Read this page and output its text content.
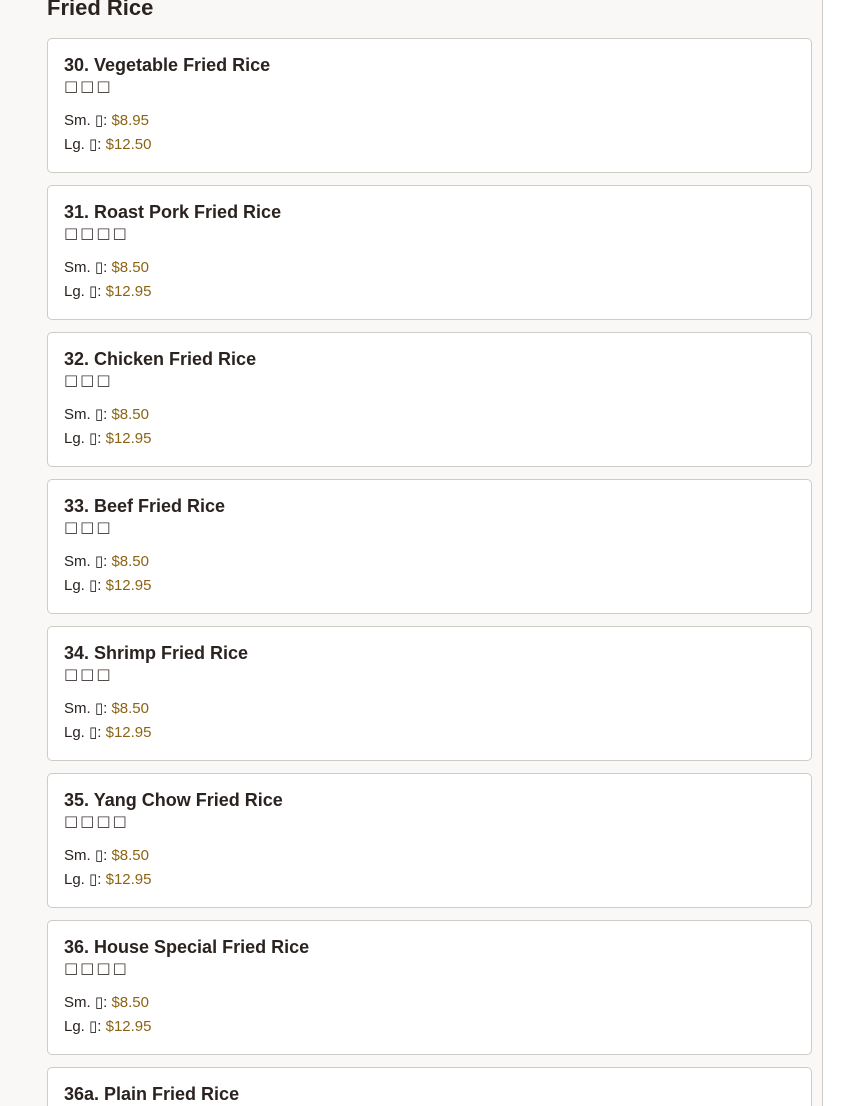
Fried Rice
30. Vegetable Fried Rice
□□□
Sm. ▯: $8.95
Lg. ▯: $12.50
31. Roast Pork Fried Rice
□□□□
Sm. ▯: $8.50
Lg. ▯: $12.95
32. Chicken Fried Rice
□□□
Sm. ▯: $8.50
Lg. ▯: $12.95
33. Beef Fried Rice
□□□
Sm. ▯: $8.50
Lg. ▯: $12.95
34. Shrimp Fried Rice
□□□
Sm. ▯: $8.50
Lg. ▯: $12.95
35. Yang Chow Fried Rice
□□□□
Sm. ▯: $8.50
Lg. ▯: $12.95
36. House Special Fried Rice
□□□□
Sm. ▯: $8.50
Lg. ▯: $12.95
36a. Plain Fried Rice
